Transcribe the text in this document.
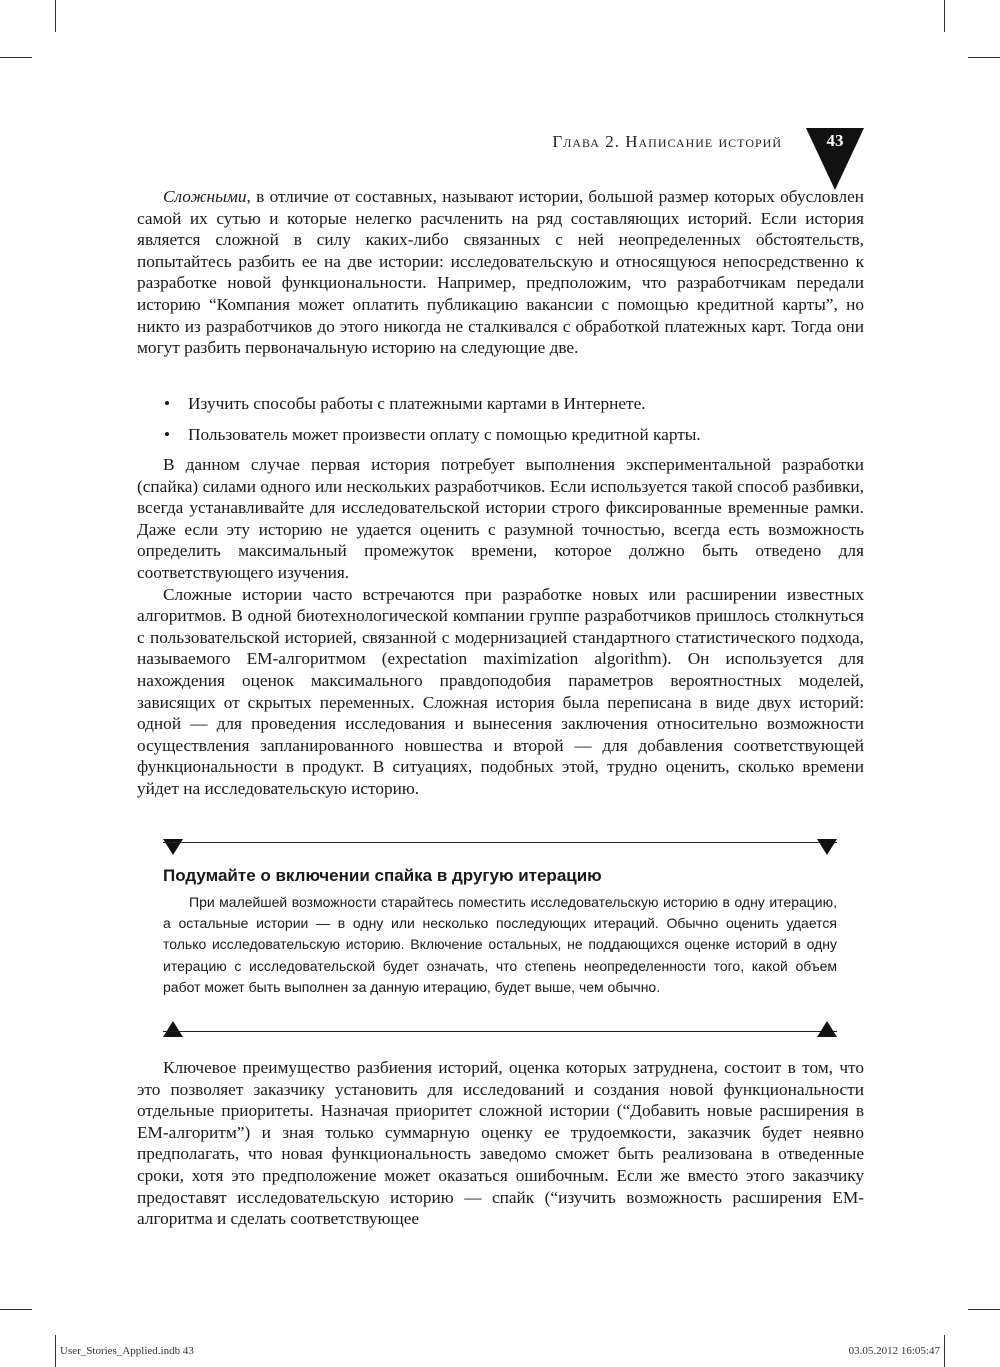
Глава 2. Написание историй	43

Сложными, в отличие от составных, называют истории, большой размер которых обусловлен самой их сутью и которые нелегко расчленить на ряд составляющих историй. Если история является сложной в силу каких-либо связанных с ней неопределенных обстоятельств, попытайтесь разбить ее на две истории: исследовательскую и относящуюся непосредственно к разработке новой функциональности. Например, предположим, что разработчикам передали историю “Компания может оплатить публикацию вакансии с помощью кредитной карты”, но никто из разработчиков до этого никогда не сталкивался с обработкой платежных карт. Тогда они могут разбить первоначальную историю на следующие две.

•	Изучить способы работы с платежными картами в Интернете.
•	Пользователь может произвести оплату с помощью кредитной карты.

В данном случае первая история потребует выполнения экспериментальной разработки (спайка) силами одного или нескольких разработчиков. Если используется такой способ разбивки, всегда устанавливайте для исследовательской истории строго фиксированные временные рамки. Даже если эту историю не удается оценить с разумной точностью, всегда есть возможность определить максимальный промежуток времени, которое должно быть отведено для соответствующего изучения.

Сложные истории часто встречаются при разработке новых или расширении известных алгоритмов. В одной биотехнологической компании группе разработчиков пришлось столкнуться с пользовательской историей, связанной с модернизацией стандартного статистического подхода, называемого EM-алгоритмом (expectation maximization algorithm). Он используется для нахождения оценок максимального правдоподобия параметров вероятностных моделей, зависящих от скрытых переменных. Сложная история была переписана в виде двух историй: одной — для проведения исследования и вынесения заключения относительно возможности осуществления запланированного новшества и второй — для добавления соответствующей функциональности в продукт. В ситуациях, подобных этой, трудно оценить, сколько времени уйдет на исследовательскую историю.

Подумайте о включении спайка в другую итерацию

При малейшей возможности старайтесь поместить исследовательскую историю в одну итерацию, а остальные истории — в одну или несколько последующих итераций. Обычно оценить удается только исследовательскую историю. Включение остальных, не поддающихся оценке историй в одну итерацию с исследовательской будет означать, что степень неопределенности того, какой объем работ может быть выполнен за данную итерацию, будет выше, чем обычно.

Ключевое преимущество разбиения историй, оценка которых затруднена, состоит в том, что это позволяет заказчику установить для исследований и создания новой функциональности отдельные приоритеты. Назначая приоритет сложной истории (“Добавить новые расширения в EM-алгоритм”) и зная только суммарную оценку ее трудоемкости, заказчик будет неявно предполагать, что новая функциональность заведомо сможет быть реализована в отведенные сроки, хотя это предположение может оказаться ошибочным. Если же вместо этого заказчику предоставят исследовательскую историю — спайк (“изучить возможность расширения EM-алгоритма и сделать соответствующее

User_Stories_Applied.indb 43	03.05.2012 16:05:47
